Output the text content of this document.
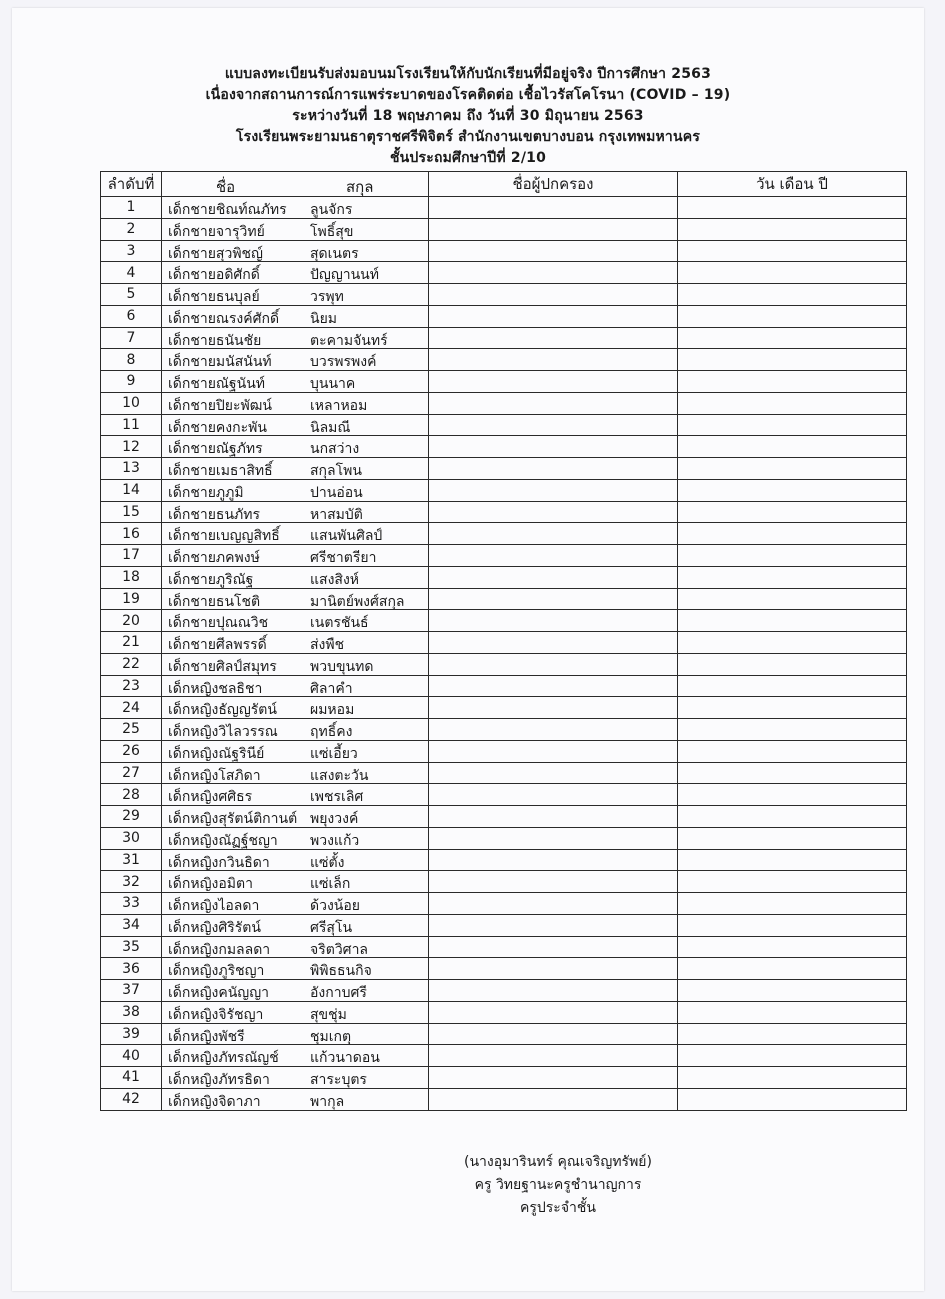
แบบลงทะเบียนรับส่งมอบนมโรงเรียนให้กับนักเรียนที่มีอยู่จริง ปีการศึกษา 2563
เนื่องจากสถานการณ์การแพร่ระบาดของโรคติดต่อ เชื้อไวรัสโคโรนา (COVID – 19)
ระหว่างวันที่ 18 พฤษภาคม ถึง วันที่ 30 มิถุนายน 2563
โรงเรียนพระยามนธาตุราชศรีพิจิตร์ สำนักงานเขตบางบอน กรุงเทพมหานคร
ชั้นประถมศึกษาปีที่ 2/10
ลำดับที่	ชื่อ สกุล	ชื่อผู้ปกครอง	วัน เดือน ปี
1	เด็กชายชิณท์ณภัทร ลูนจักร		

2	เด็กชายจารุวิทย์ โพธิ์สุข		

3	เด็กชายสุวพิชญ์ สุดเนตร		

4	เด็กชายอดิศักดิ์ ปัญญานนท์		

5	เด็กชายธนบุลย์ วรพุท		

6	เด็กชายณรงค์ศักดิ์ นิยม		

7	เด็กชายธนันชัย ตะคามจันทร์		

8	เด็กชายมนัสนันท์ บวรพรพงค์		

9	เด็กชายณัฐนันท์ บุนนาค		

10	เด็กชายปิยะพัฒน์ เหลาหอม		

11	เด็กชายคงกะพัน นิลมณี		

12	เด็กชายณัฐภัทร นกสว่าง		

13	เด็กชายเมธาสิทธิ์ สกุลโพน		

14	เด็กชายภูภูมิ ปานอ่อน		

15	เด็กชายธนภัทร หาสมบัติ		

16	เด็กชายเบญญสิทธิ์ แสนพันศิลป์		

17	เด็กชายภคพงษ์ ศรีชาตรียา		

18	เด็กชายภูริณัฐ แสงสิงห์		

19	เด็กชายธนโชติ มานิตย์พงศ์สกุล		

20	เด็กชายปุณณวิช เนตรชันธ์		

21	เด็กชายศีลพรรดิ์ ส่งพืช		

22	เด็กชายศิลป์สมุทร พวบขุนทด		

23	เด็กหญิงชลธิชา ศิลาคำ		

24	เด็กหญิงธัญญรัตน์ ผมหอม		

25	เด็กหญิงวิไลวรรณ ฤทธิ์คง		

26	เด็กหญิงณัฐรินีย์ แซ่เอี้ยว		

27	เด็กหญิงโสภิดา แสงตะวัน		

28	เด็กหญิงศศิธร เพชรเลิศ		

29	เด็กหญิงสุรัตน์ติกานต์ พยุงวงค์		

30	เด็กหญิงณัฏฐ์ชญา พวงแก้ว		

31	เด็กหญิงกวินธิดา แซ่ตั้ง		

32	เด็กหญิงอมิตา แซ่เล็ก		

33	เด็กหญิงไอลดา ด้วงน้อย		

34	เด็กหญิงศิริรัตน์ ศรีสุโน		

35	เด็กหญิงกมลลดา จริตวิศาล		

36	เด็กหญิงภูริชญา พิพิธธนกิจ		

37	เด็กหญิงคนัญญา อังกาบศรี		

38	เด็กหญิงจิรัชญา สุขชุ่ม		

39	เด็กหญิงพัชรี ชุมเกตุ		

40	เด็กหญิงภัทรณัญช์ แก้วนาดอน		

41	เด็กหญิงภัทรธิดา สาระบุตร		

42	เด็กหญิงจิดาภา พากุล		

(นางอุมารินทร์ คุณเจริญทรัพย์)
ครู วิทยฐานะครูชำนาญการ
ครูประจำชั้น
